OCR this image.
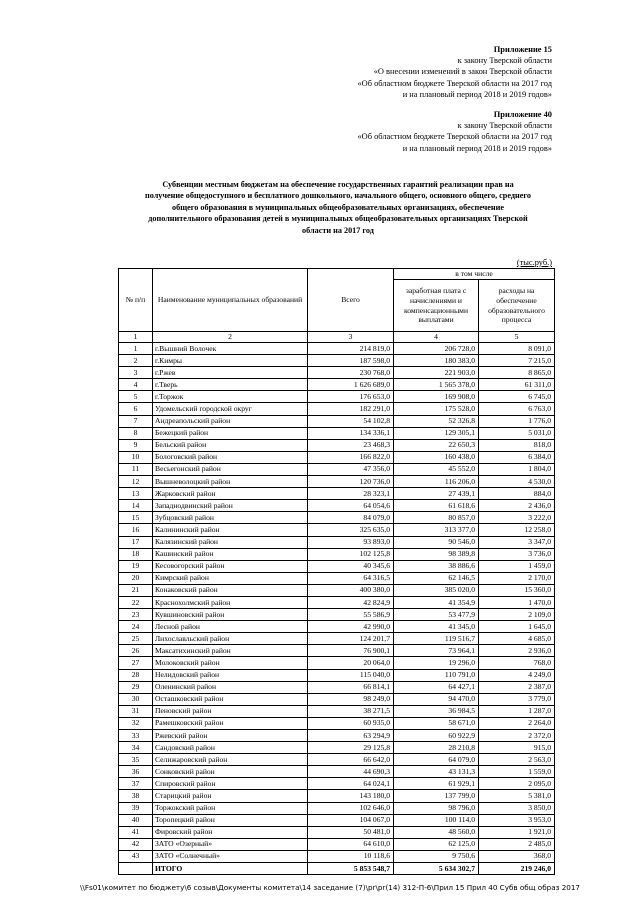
Приложение 15
к закону Тверской области
«О внесении изменений в закон Тверской области
«Об областном бюджете Тверской области на 2017 год
и на плановый период 2018 и 2019 годов»
Приложение 40
к закону Тверской области
«Об областном бюджете Тверской области на 2017 год
и на плановый период 2018 и 2019 годов»
Субвенции местным бюджетам на обеспечение государственных гарантий реализации прав на
получение общедоступного и бесплатного дошкольного, начального общего, основного общего, среднего
общего образования в муниципальных общеобразовательных организациях, обеспечение
дополнительного образования детей в муниципальных общеобразовательных организациях Тверской
области на 2017 год
(тыс.руб.)
№ п/п	Наименование муниципальных образований	Всего	в том числе	
			заработная плата с начислениями и компенсационными выплатами	расходы на обеспечение образовательного процесса
1	2	3	4	5
1	г.Вышний Волочек	214 819,0	206 728,0	8 091,0
2	г.Кимры	187 598,0	180 383,0	7 215,0
3	г.Ржев	230 768,0	221 903,0	8 865,0
4	г.Тверь	1 626 689,0	1 565 378,0	61 311,0
5	г.Торжок	176 653,0	169 908,0	6 745,0
6	Удомельский городской округ	182 291,0	175 528,0	6 763,0
7	Андреапольский район	54 102,8	52 326,8	1 776,0
8	Бежецкий район	134 336,1	129 305,1	5 031,0
9	Бельский район	23 468,3	22 650,3	818,0
10	Бологовский район	166 822,0	160 438,0	6 384,0
11	Весьегонский район	47 356,0	45 552,0	1 804,0
12	Вышневолоцкий район	120 736,0	116 206,0	4 530,0
13	Жарковский район	28 323,1	27 439,1	884,0
14	Западнодвинский район	64 054,6	61 618,6	2 436,0
15	Зубцовский район	84 079,0	80 857,0	3 222,0
16	Калининский район	325 635,0	313 377,0	12 258,0
17	Калязинский район	93 893,0	90 546,0	3 347,0
18	Кашинский район	102 125,8	98 389,8	3 736,0
19	Кесовогорский район	40 345,6	38 886,6	1 459,0
20	Кимрский район	64 316,5	62 146,5	2 170,0
21	Конаковский район	400 380,0	385 020,0	15 360,0
22	Краснохолмский район	42 824,9	41 354,9	1 470,0
23	Кувшиновский район	55 586,9	53 477,9	2 109,0
24	Лесной район	42 990,0	41 345,0	1 645,0
25	Лихославльский район	124 201,7	119 516,7	4 685,0
26	Максатихинский район	76 900,1	73 964,1	2 936,0
27	Молоковский район	20 064,0	19 296,0	768,0
28	Нелидовский район	115 040,0	110 791,0	4 249,0
29	Оленинский район	66 814,1	64 427,1	2 387,0
30	Осташковский район	98 249,0	94 470,0	3 779,0
31	Пеновский район	38 271,5	36 984,5	1 287,0
32	Рамешковский район	60 935,0	58 671,0	2 264,0
33	Ржевский район	63 294,9	60 922,9	2 372,0
34	Сандовский район	29 125,8	28 210,8	915,0
35	Селижаровский район	66 642,0	64 079,0	2 563,0
36	Сонковский район	44 690,3	43 131,3	1 559,0
37	Спировский район	64 024,1	61 929,1	2 095,0
38	Старицкий район	143 180,0	137 799,0	5 381,0
39	Торжокский район	102 646,0	98 796,0	3 850,0
40	Торопецкий район	104 067,0	100 114,0	3 953,0
41	Фировский район	50 481,0	48 560,0	1 921,0
42	ЗАТО «Озерный»	64 610,0	62 125,0	2 485,0
43	ЗАТО «Солнечный»	10 118,6	9 750,6	368,0
	ИТОГО	5 853 548,7	5 634 302,7	219 246,0
\\Fs01\комитет по бюджету\6 созыв\Документы комитета\14 заседание (7)\pr\pr(14) 312-П-6\Прил 15 Прил 40 Субв общ образ 2017
